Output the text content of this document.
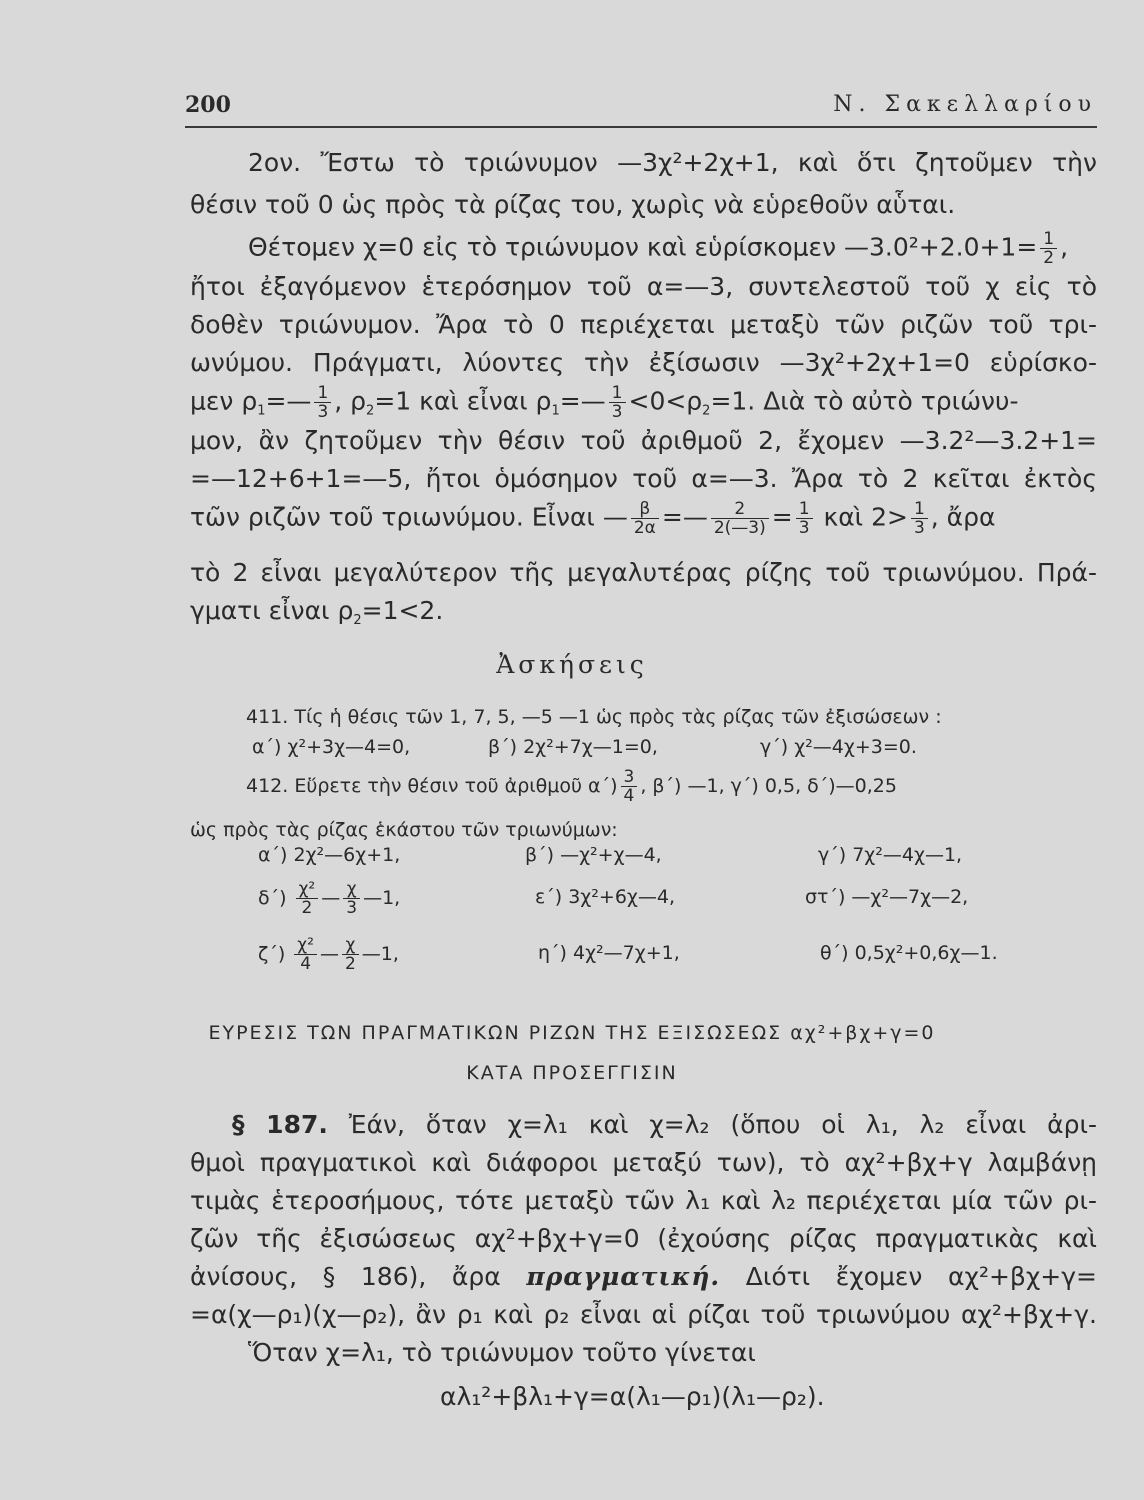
200	Ν. Σακελλαρίου
2ον. Ἔστω τὸ τριώνυμον —3χ²+2χ+1, καὶ ὅτι ζητοῦμεν τὴν
θέσιν τοῦ 0 ὡς πρὸς τὰ ρίζας του, χωρὶς νὰ εὑρεθοῦν αὗται.
Θέτομεν χ=0 εἰς τὸ τριώνυμον καὶ εὑρίσκομεν —3.0²+2.0+1= $\frac{1}{2}$ ,
ἤτοι ἐξαγόμενον ἑτερόσημον τοῦ α=—3, συντελεστοῦ τοῦ χ εἰς τὸ
δοθὲν τριώνυμον. Ἄρα τὸ 0 περιέχεται μεταξὺ τῶν ριζῶν τοῦ τρι-
ωνύμου. Πράγματι, λύοντες τὴν ἐξίσωσιν —3χ²+2χ+1=0 εὑρίσκο-
μεν $\rho_1=— \frac{1}{3}$ , $\rho_2=1$ καὶ εἶναι $\rho_1=— \frac{1}{3} <0<\rho_2=1$. Διὰ τὸ αὐτὸ τριώνυ-
μον, ἂν ζητοῦμεν τὴν θέσιν τοῦ ἀριθμοῦ 2, ἔχομεν —3.2²—3.2+1=
=—12+6+1=—5, ἤτοι ὁμόσημον τοῦ α=—3. Ἄρα τὸ 2 κεῖται ἐκτὸς
τῶν ριζῶν τοῦ τριωνύμου. Εἶναι — $\frac{\beta}{2\alpha}$ =— $\frac{2}{2(—3)} = \frac{1}{3}$ καὶ $2> \frac{1}{3}$ , ἄρα
τὸ 2 εἶναι μεγαλύτερον τῆς μεγαλυτέρας ρίζης τοῦ τριωνύμου. Πρά-
γματι εἶναι $\rho_2=1<2$.
Ἀσκήσεις
411. Τίς ἡ θέσις τῶν 1, 7, 5, —5 —1 ὡς πρὸς τὰς ρίζας τῶν ἐξισώσεων :
α΄) χ²+3χ—4=0,	β΄) 2χ²+7χ—1=0,	γ΄) χ²—4χ+3=0.
412. Εὕρετε τὴν θέσιν τοῦ ἀριθμοῦ $\alpha΄) \frac{3}{4}$ , β΄) —1, γ΄) 0,5, δ΄)—0,25
ὡς πρὸς τὰς ρίζας ἑκάστου τῶν τριωνύμων:
α΄) 2χ²—6χ+1,	β΄) —χ²+χ—4,	γ΄) 7χ²—4χ—1,
$\delta΄) \frac{\text{χ²}}{2}$ — $\frac{\chi}{3}$ —1,	ε΄) 3χ²+6χ—4,	στ΄) —χ²—7χ—2,
$\zeta΄) \frac{\text{χ²}}{4}$ — $\frac{\chi}{2}$ —1,	η΄) 4χ²—7χ+1,	θ΄) 0,5χ²+0,6χ—1.
ΕΥΡΕΣΙΣ ΤΩΝ ΠΡΑΓΜΑΤΙΚΩΝ ΡΙΖΩΝ ΤΗΣ ΕΞΙΣΩΣΕΩΣ αχ²+βχ+γ=0
ΚΑΤΑ ΠΡΟΣΕΓΓΙΣΙΝ
§ 187. Ἐάν, ὅταν χ=λ₁ καὶ χ=λ₂ (ὅπου οἱ λ₁, λ₂ εἶναι ἀρι-
θμοὶ πραγματικοὶ καὶ διάφοροι μεταξύ των), τὸ αχ²+βχ+γ λαμβάνῃ
τιμὰς ἑτεροσήμους, τότε μεταξὺ τῶν λ₁ καὶ λ₂ περιέχεται μία τῶν ρι-
ζῶν τῆς ἐξισώσεως αχ²+βχ+γ=0 (ἐχούσης ρίζας πραγματικὰς καὶ
ἀνίσους, § 186), ἄρα πραγματική. Διότι ἔχομεν αχ²+βχ+γ=
=α(χ—ρ₁)(χ—ρ₂), ἂν ρ₁ καὶ ρ₂ εἶναι αἱ ρίζαι τοῦ τριωνύμου αχ²+βχ+γ.
Ὅταν χ=λ₁, τὸ τριώνυμον τοῦτο γίνεται
αλ₁²+βλ₁+γ=α(λ₁—ρ₁)(λ₁—ρ₂).
